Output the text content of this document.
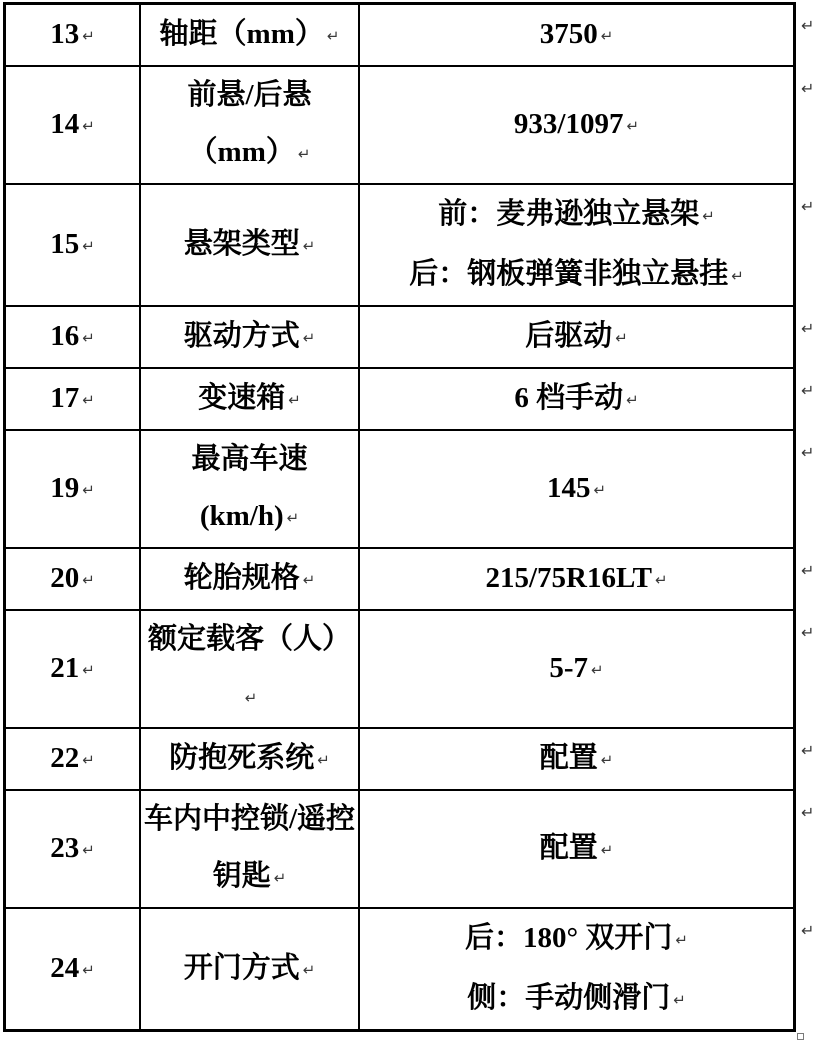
13 ↵	轴距（mm） ↵	3750 ↵

14 ↵	前悬/后悬（mm） ↵	933/1097 ↵

15 ↵	悬架类型 ↵	前：麦弗逊独立悬架 ↵
后：钢板弹簧非独立悬挂 ↵

16 ↵	驱动方式 ↵	后驱动 ↵

17 ↵	变速箱 ↵	6 档手动 ↵

19 ↵	最高车速(km/h) ↵	145 ↵

20 ↵	轮胎规格 ↵	215/75R16LT ↵

21 ↵	额定载客（人）↵	5-7 ↵

22 ↵	防抱死系统 ↵	配置 ↵

23 ↵	车内中控锁/遥控钥匙 ↵	配置 ↵

24 ↵	开门方式 ↵	后：180° 双开门 ↵
侧：手动侧滑门 ↵
↵
↵
↵
↵
↵
↵
↵
↵
↵
↵
↵
